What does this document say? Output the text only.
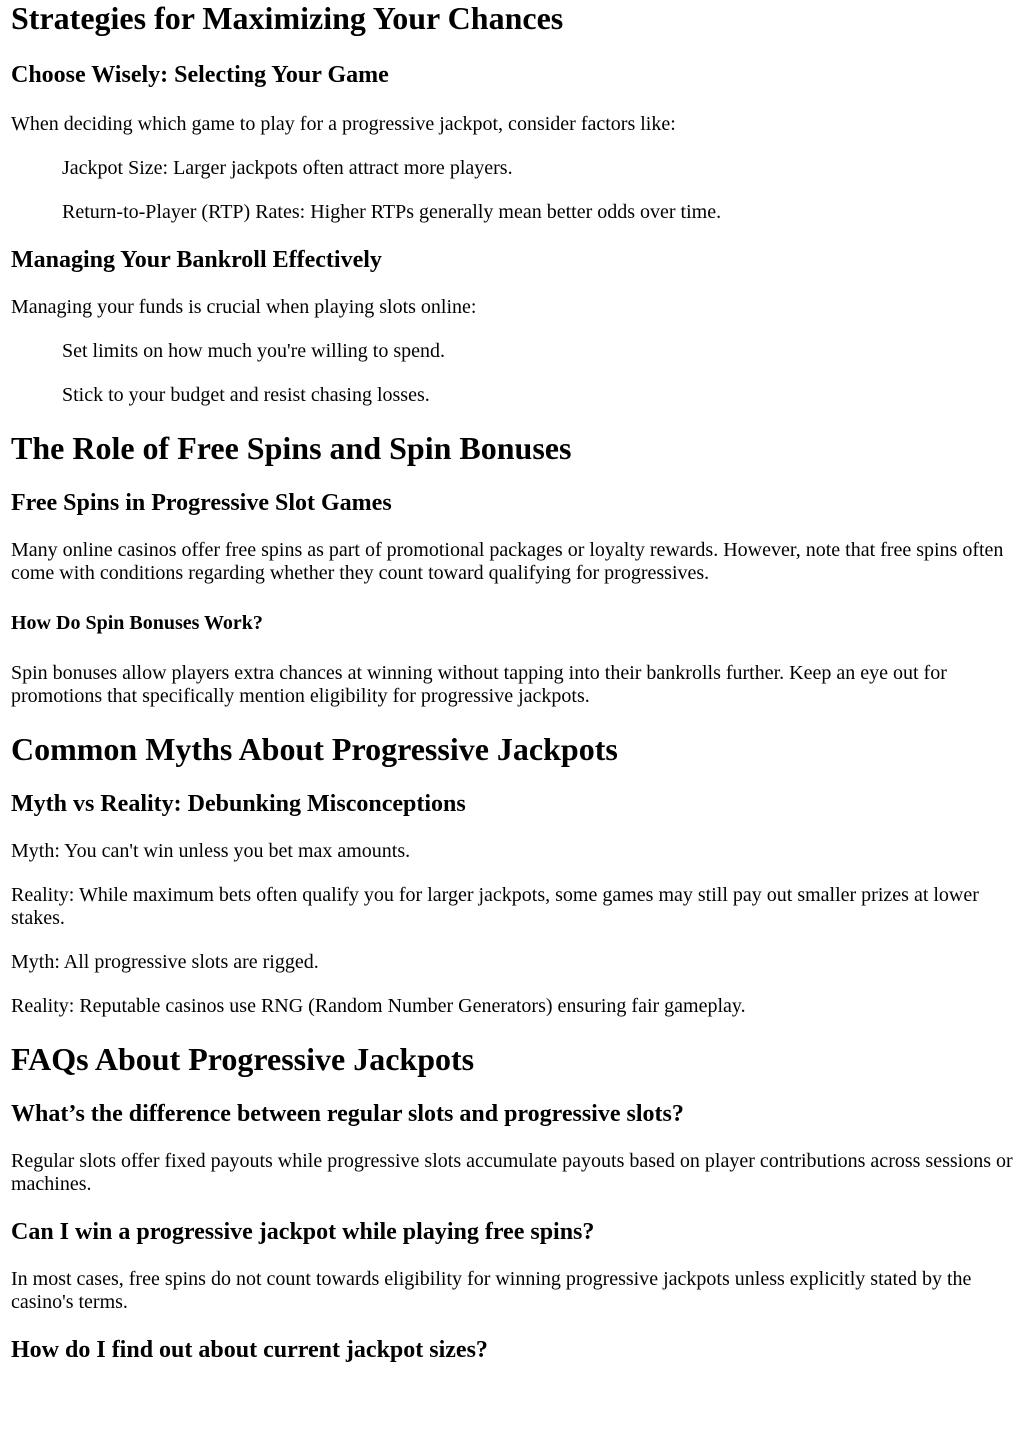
Strategies for Maximizing Your Chances
Choose Wisely: Selecting Your Game

When deciding which game to play for a progressive jackpot, consider factors like:

Jackpot Size: Larger jackpots often attract more players.

Return-to-Player (RTP) Rates: Higher RTPs generally mean better odds over time.

Managing Your Bankroll Effectively

Managing your funds is crucial when playing slots online:

Set limits on how much you're willing to spend.

Stick to your budget and resist chasing losses.

The Role of Free Spins and Spin Bonuses
Free Spins in Progressive Slot Games

Many online casinos offer free spins as part of promotional packages or loyalty rewards. However, note that free spins often come with conditions regarding whether they count toward qualifying for progressives.

How Do Spin Bonuses Work?

Spin bonuses allow players extra chances at winning without tapping into their bankrolls further. Keep an eye out for promotions that specifically mention eligibility for progressive jackpots.

Common Myths About Progressive Jackpots
Myth vs Reality: Debunking Misconceptions

Myth: You can't win unless you bet max amounts.

Reality: While maximum bets often qualify you for larger jackpots, some games may still pay out smaller prizes at lower stakes.

Myth: All progressive slots are rigged.

Reality: Reputable casinos use RNG (Random Number Generators) ensuring fair gameplay.

FAQs About Progressive Jackpots
What’s the difference between regular slots and progressive slots?

Regular slots offer fixed payouts while progressive slots accumulate payouts based on player contributions across sessions or machines.

Can I win a progressive jackpot while playing free spins?

In most cases, free spins do not count towards eligibility for winning progressive jackpots unless explicitly stated by the casino's terms.

How do I find out about current jackpot sizes?
